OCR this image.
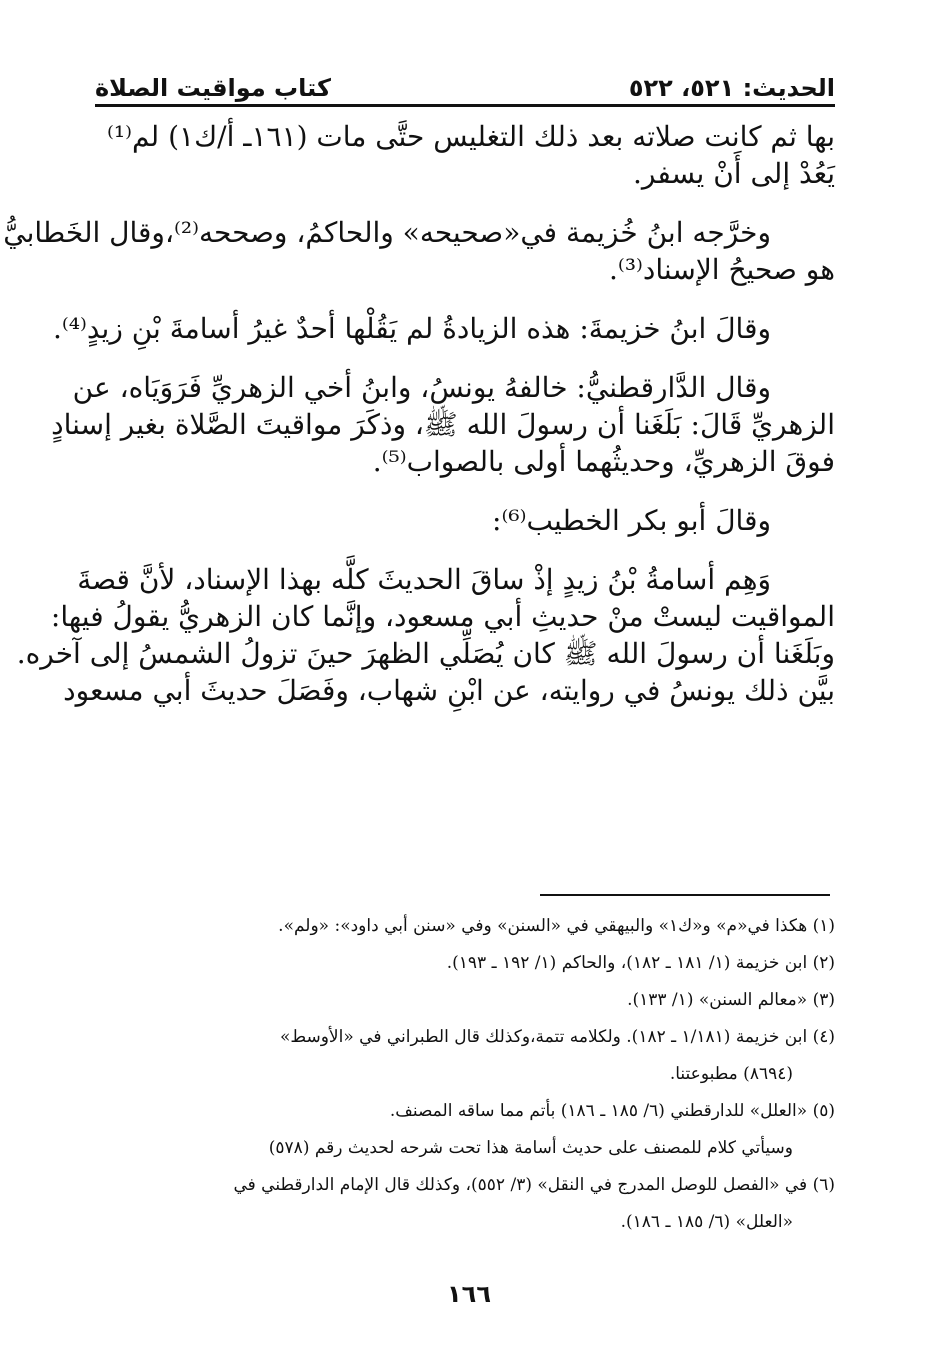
الحديث: ٥٢١، ٥٢٢
كتاب مواقيت الصلاة
بها ثم كانت صلاته بعد ذلك التغليس حتَّى مات (١٦١ـ أ/ك١) لم⁽¹⁾
يَعُدْ إلى أَنْ يسفر.
وخرَّجه ابنُ خُزيمة في«صحيحه» والحاكمُ، وصححه⁽²⁾،وقال الخَطابيُّ
هو صحيحُ الإسناد⁽³⁾.
وقالَ ابنُ خزيمةَ: هذه الزيادةُ لم يَقُلْها أحدٌ غيرُ أسامةَ بْنِ زيدٍ⁽⁴⁾.
وقال الدَّارقطنيُّ: خالفهُ يونسُ، وابنُ أخي الزهريِّ فَرَوَيَاه، عن
الزهريِّ قَالَ: بَلَغَنا أن رسولَ الله ﷺ، وذكَرَ مواقيتَ الصَّلاة بغير إسنادٍ
فوقَ الزهريِّ، وحديثُهما أولى بالصواب⁽⁵⁾.
وقالَ أبو بكر الخطيب⁽⁶⁾:
وَهِم أسامةُ بْنُ زيدٍ إذْ ساقَ الحديثَ كلَّه بهذا الإسناد، لأنَّ قصةَ
المواقيت ليستْ منْ حديثِ أبي مسعود، وإنَّما كان الزهريُّ يقولُ فيها:
وبَلَغَنا أن رسولَ الله ﷺ كان يُصَلِّي الظهرَ حينَ تزولُ الشمسُ إلى آخره.
بيَّن ذلك يونسُ في روايته، عن ابْنِ شهاب، وفَصَلَ حديثَ أبي مسعود
(١) هكذا في«م» و«ك١» والبيهقي في «السنن» وفي «سنن أبي داود»: «ولم».
(٢) ابن خزيمة (١/ ١٨١ ـ ١٨٢)، والحاكم (١/ ١٩٢ ـ ١٩٣).
(٣) «معالم السنن» (١/ ١٣٣).
(٤) ابن خزيمة (١/١٨١ ـ ١٨٢). ولكلامه تتمة،وكذلك قال الطبراني في «الأوسط»
(٨٦٩٤) مطبوعتنا.
(٥) «العلل» للدارقطني (٦/ ١٨٥ ـ ١٨٦) بأتم مما ساقه المصنف.
وسيأتي كلام للمصنف على حديث أسامة هذا تحت شرحه لحديث رقم (٥٧٨)
(٦) في «الفصل للوصل المدرج في النقل» (٣/ ٥٥٢)، وكذلك قال الإمام الدارقطني في
«العلل» (٦/ ١٨٥ ـ ١٨٦).
١٦٦
